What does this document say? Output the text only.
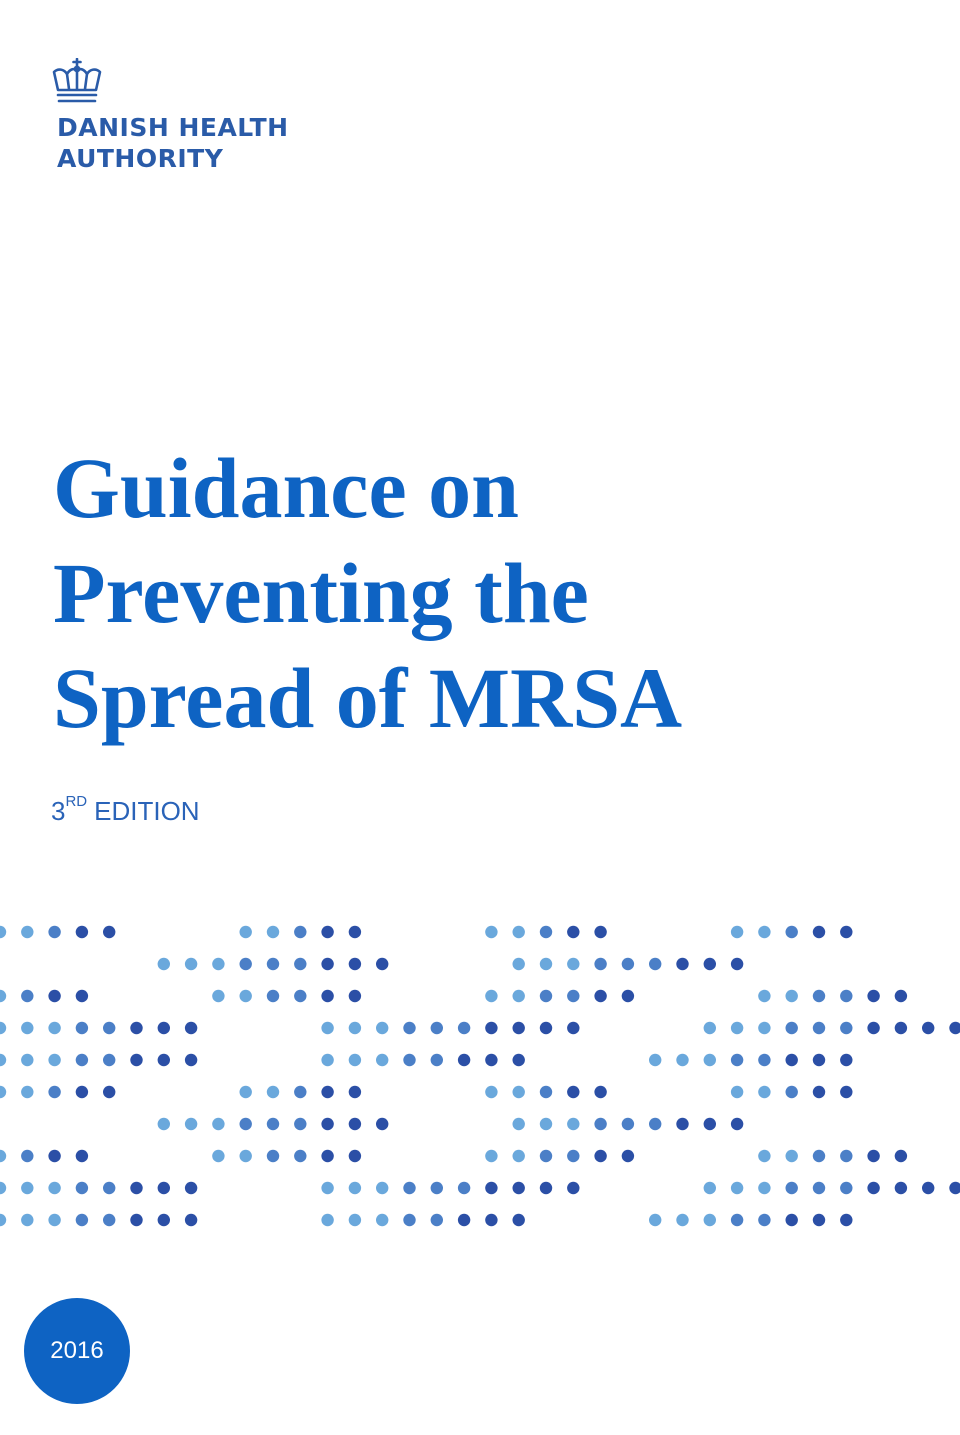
DANISH HEALTH
AUTHORITY
Guidance on
Preventing the
Spread of MRSA
3RD EDITION
2016
